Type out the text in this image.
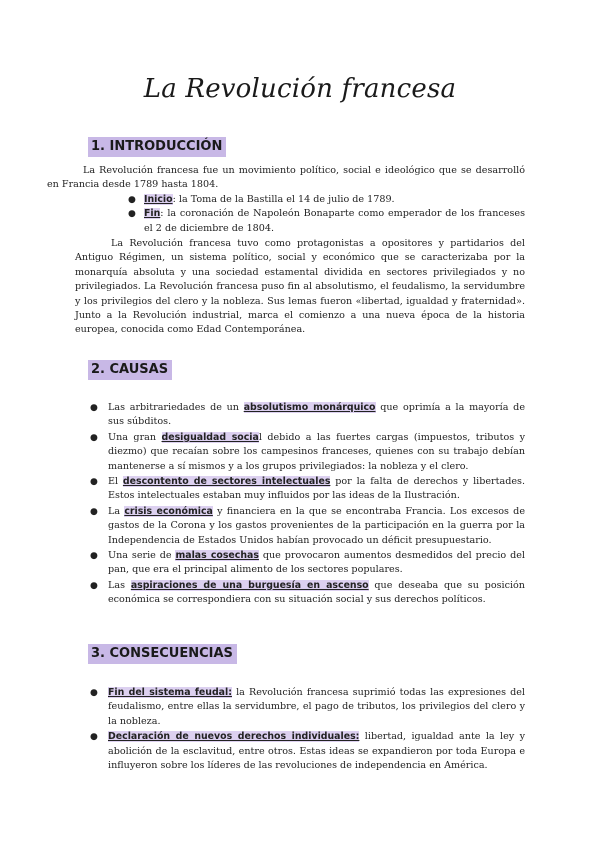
La Revolución francesa
1. INTRODUCCIÓN

La Revolución francesa fue un movimiento político, social e ideológico que se desarrolló en Francia desde 1789 hasta 1804.

● Inicio: la Toma de la Bastilla el 14 de julio de 1789.
● Fin: la coronación de Napoleón Bonaparte como emperador de los franceses el 2 de diciembre de 1804.

La Revolución francesa tuvo como protagonistas a opositores y partidarios del Antiguo Régimen, un sistema político, social y económico que se caracterizaba por la monarquía absoluta y una sociedad estamental dividida en sectores privilegiados y no privilegiados. La Revolución francesa puso fin al absolutismo, el feudalismo, la servidumbre y los privilegios del clero y la nobleza. Sus lemas fueron «libertad, igualdad y fraternidad». Junto a la Revolución industrial, marca el comienzo a una nueva época de la historia europea, conocida como Edad Contemporánea.

2. CAUSAS
● Las arbitrariedades de un absolutismo monárquico que oprimía a la mayoría de sus súbditos.
● Una gran desigualdad social debido a las fuertes cargas (impuestos, tributos y diezmo) que recaían sobre los campesinos franceses, quienes con su trabajo debían mantenerse a sí mismos y a los grupos privilegiados: la nobleza y el clero.
● El descontento de sectores intelectuales por la falta de derechos y libertades. Estos intelectuales estaban muy influidos por las ideas de la Ilustración.
● La crisis económica y financiera en la que se encontraba Francia. Los excesos de gastos de la Corona y los gastos provenientes de la participación en la guerra por la Independencia de Estados Unidos habían provocado un déficit presupuestario.
● Una serie de malas cosechas que provocaron aumentos desmedidos del precio del pan, que era el principal alimento de los sectores populares.
● Las aspiraciones de una burguesía en ascenso que deseaba que su posición económica se correspondiera con su situación social y sus derechos políticos.
3. CONSECUENCIAS
● Fin del sistema feudal: la Revolución francesa suprimió todas las expresiones del feudalismo, entre ellas la servidumbre, el pago de tributos, los privilegios del clero y la nobleza.
● Declaración de nuevos derechos individuales: libertad, igualdad ante la ley y abolición de la esclavitud, entre otros. Estas ideas se expandieron por toda Europa e influyeron sobre los líderes de las revoluciones de independencia en América.
